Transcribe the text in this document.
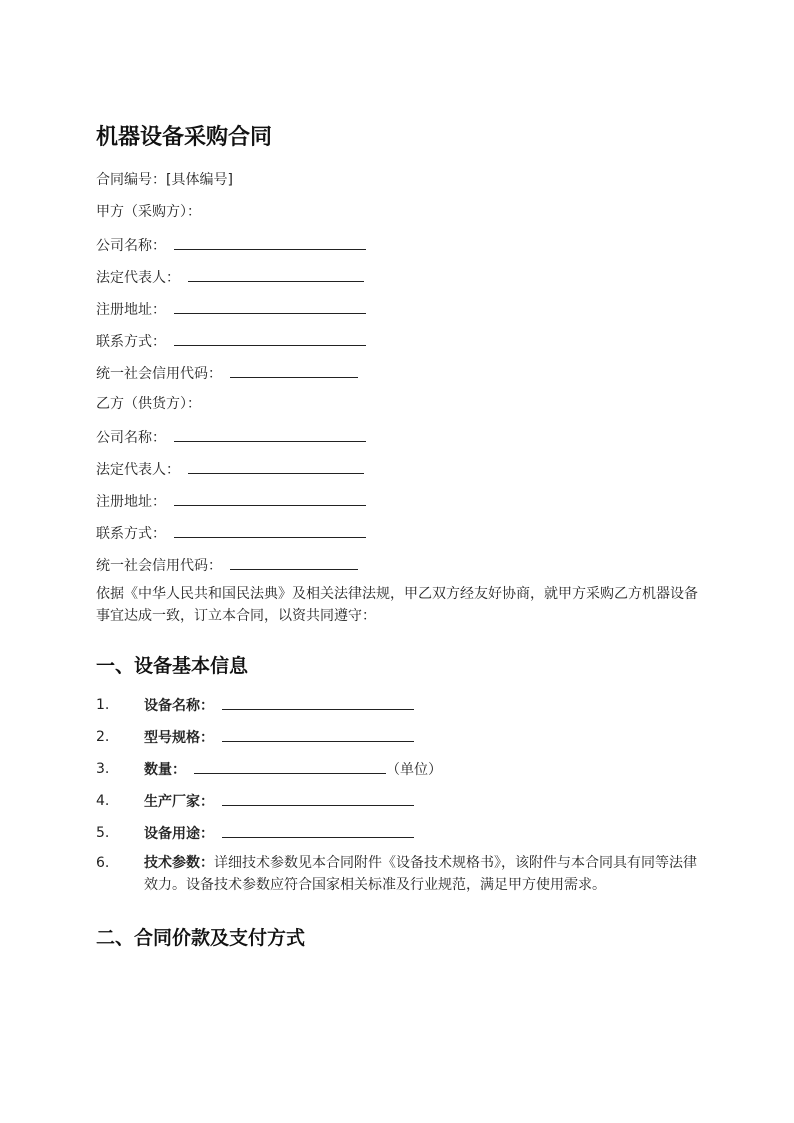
机器设备采购合同
合同编号：[具体编号]
甲方（采购方）：
公司名称：
法定代表人：
注册地址：
联系方式：
统一社会信用代码：
乙方（供货方）：
公司名称：
法定代表人：
注册地址：
联系方式：
统一社会信用代码：
依据《中华人民共和国民法典》及相关法律法规，甲乙双方经友好协商，就甲方采购乙方机器设备事宜达成一致，订立本合同，以资共同遵守：
一、设备基本信息
1. 设备名称：
2. 型号规格：
3. 数量：	（单位）
4. 生产厂家：
5. 设备用途：
6. 技术参数：详细技术参数见本合同附件《设备技术规格书》，该附件与本合同具有同等法律效力。设备技术参数应符合国家相关标准及行业规范，满足甲方使用需求。
二、合同价款及支付方式
